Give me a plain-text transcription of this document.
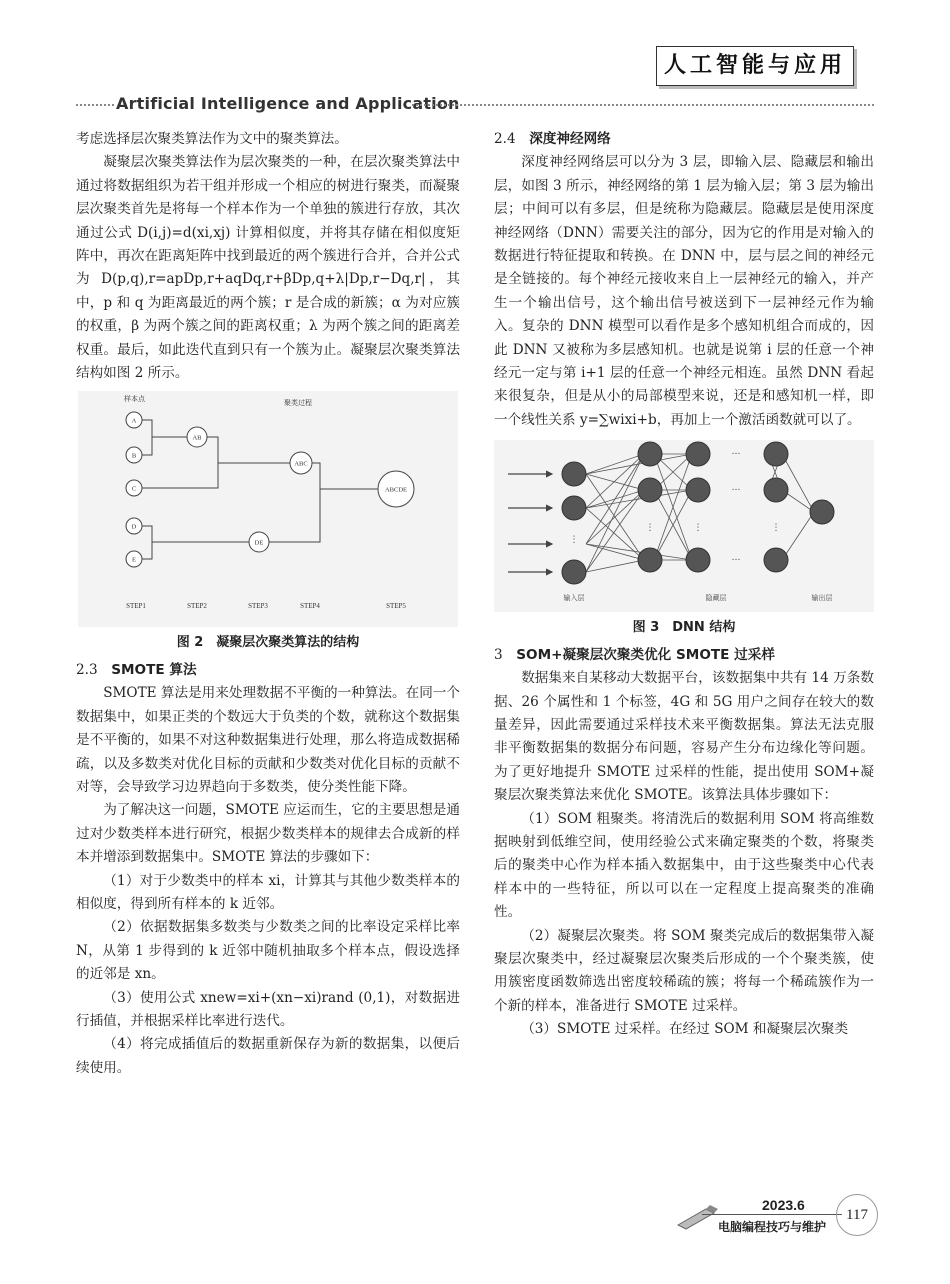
人工智能与应用
Artificial Intelligence and Application

考虑选择层次聚类算法作为文中的聚类算法。

凝聚层次聚类算法作为层次聚类的一种，在层次聚类算法中通过将数据组织为若干组并形成一个相应的树进行聚类，而凝聚层次聚类首先是将每一个样本作为一个单独的簇进行存放，其次通过公式 D(i,j)=d(xi,xj) 计算相似度，并将其存储在相似度矩阵中，再次在距离矩阵中找到最近的两个簇进行合并，合并公式为 D(p,q),r=apDp,r+aqDq,r+βDp,q+λ|Dp,r−Dq,r|，其中，p 和 q 为距离最近的两个簇；r 是合成的新簇；α 为对应簇的权重，β 为两个簇之间的距离权重；λ 为两个簇之间的距离差权重。最后，如此迭代直到只有一个簇为止。凝聚层次聚类算法结构如图 2 所示。

样本点	聚类过程
A
B
C
D
E
AB
ABC
DE
ABCDE
STEP1	STEP2	STEP3	STEP4	STEP5
图 2　凝聚层次聚类算法的结构
2.3　 SMOTE 算法

SMOTE 算法是用来处理数据不平衡的一种算法。在同一个数据集中，如果正类的个数远大于负类的个数，就称这个数据集是不平衡的，如果不对这种数据集进行处理，那么将造成数据稀疏，以及多数类对优化目标的贡献和少数类对优化目标的贡献不对等，会导致学习边界趋向于多数类，使分类性能下降。

为了解决这一问题，SMOTE 应运而生，它的主要思想是通过对少数类样本进行研究，根据少数类样本的规律去合成新的样本并增添到数据集中。SMOTE 算法的步骤如下：

（1）对于少数类中的样本 xi，计算其与其他少数类样本的相似度，得到所有样本的 k 近邻。

（2）依据数据集多数类与少数类之间的比率设定采样比率 N，从第 1 步得到的 k 近邻中随机抽取多个样本点，假设选择的近邻是 xn。

（3）使用公式 xnew=xi+(xn−xi)rand (0,1)，对数据进行插值，并根据采样比率进行迭代。

（4）将完成插值后的数据重新保存为新的数据集，以便后续使用。

2.4　 深度神经网络

深度神经网络层可以分为 3 层，即输入层、隐藏层和输出层，如图 3 所示，神经网络的第 1 层为输入层；第 3 层为输出层；中间可以有多层，但是统称为隐藏层。隐藏层是使用深度神经网络（DNN）需要关注的部分，因为它的作用是对输入的数据进行特征提取和转换。在 DNN 中，层与层之间的神经元是全链接的。每个神经元接收来自上一层神经元的输入，并产生一个输出信号，这个输出信号被送到下一层神经元作为输入。复杂的 DNN 模型可以看作是多个感知机组合而成的，因此 DNN 又被称为多层感知机。也就是说第 i 层的任意一个神经元一定与第 i+1 层的任意一个神经元相连。虽然 DNN 看起来很复杂，但是从小的局部模型来说，还是和感知机一样，即一个线性关系 y=∑wixi+b，再加上一个激活函数就可以了。

…
…
…
⋮
⋮	⋮	⋮
输入层	隐藏层	输出层
图 3　DNN 结构
3　 SOM+凝聚层次聚类优化 SMOTE 过采样

数据集来自某移动大数据平台，该数据集中共有 14 万条数据、26 个属性和 1 个标签，4G 和 5G 用户之间存在较大的数量差异，因此需要通过采样技术来平衡数据集。算法无法克服非平衡数据集的数据分布问题，容易产生分布边缘化等问题。为了更好地提升 SMOTE 过采样的性能，提出使用 SOM+凝聚层次聚类算法来优化 SMOTE。该算法具体步骤如下：

（1）SOM 粗聚类。将清洗后的数据利用 SOM 将高维数据映射到低维空间，使用经验公式来确定聚类的个数，将聚类后的聚类中心作为样本插入数据集中，由于这些聚类中心代表样本中的一些特征，所以可以在一定程度上提高聚类的准确性。

（2）凝聚层次聚类。将 SOM 聚类完成后的数据集带入凝聚层次聚类中，经过凝聚层次聚类后形成的一个个聚类簇，使用簇密度函数筛选出密度较稀疏的簇；将每一个稀疏簇作为一个新的样本，准备进行 SMOTE 过采样。

（3）SMOTE 过采样。在经过 SOM 和凝聚层次聚类

2023.6
电脑编程技巧与维护
117
